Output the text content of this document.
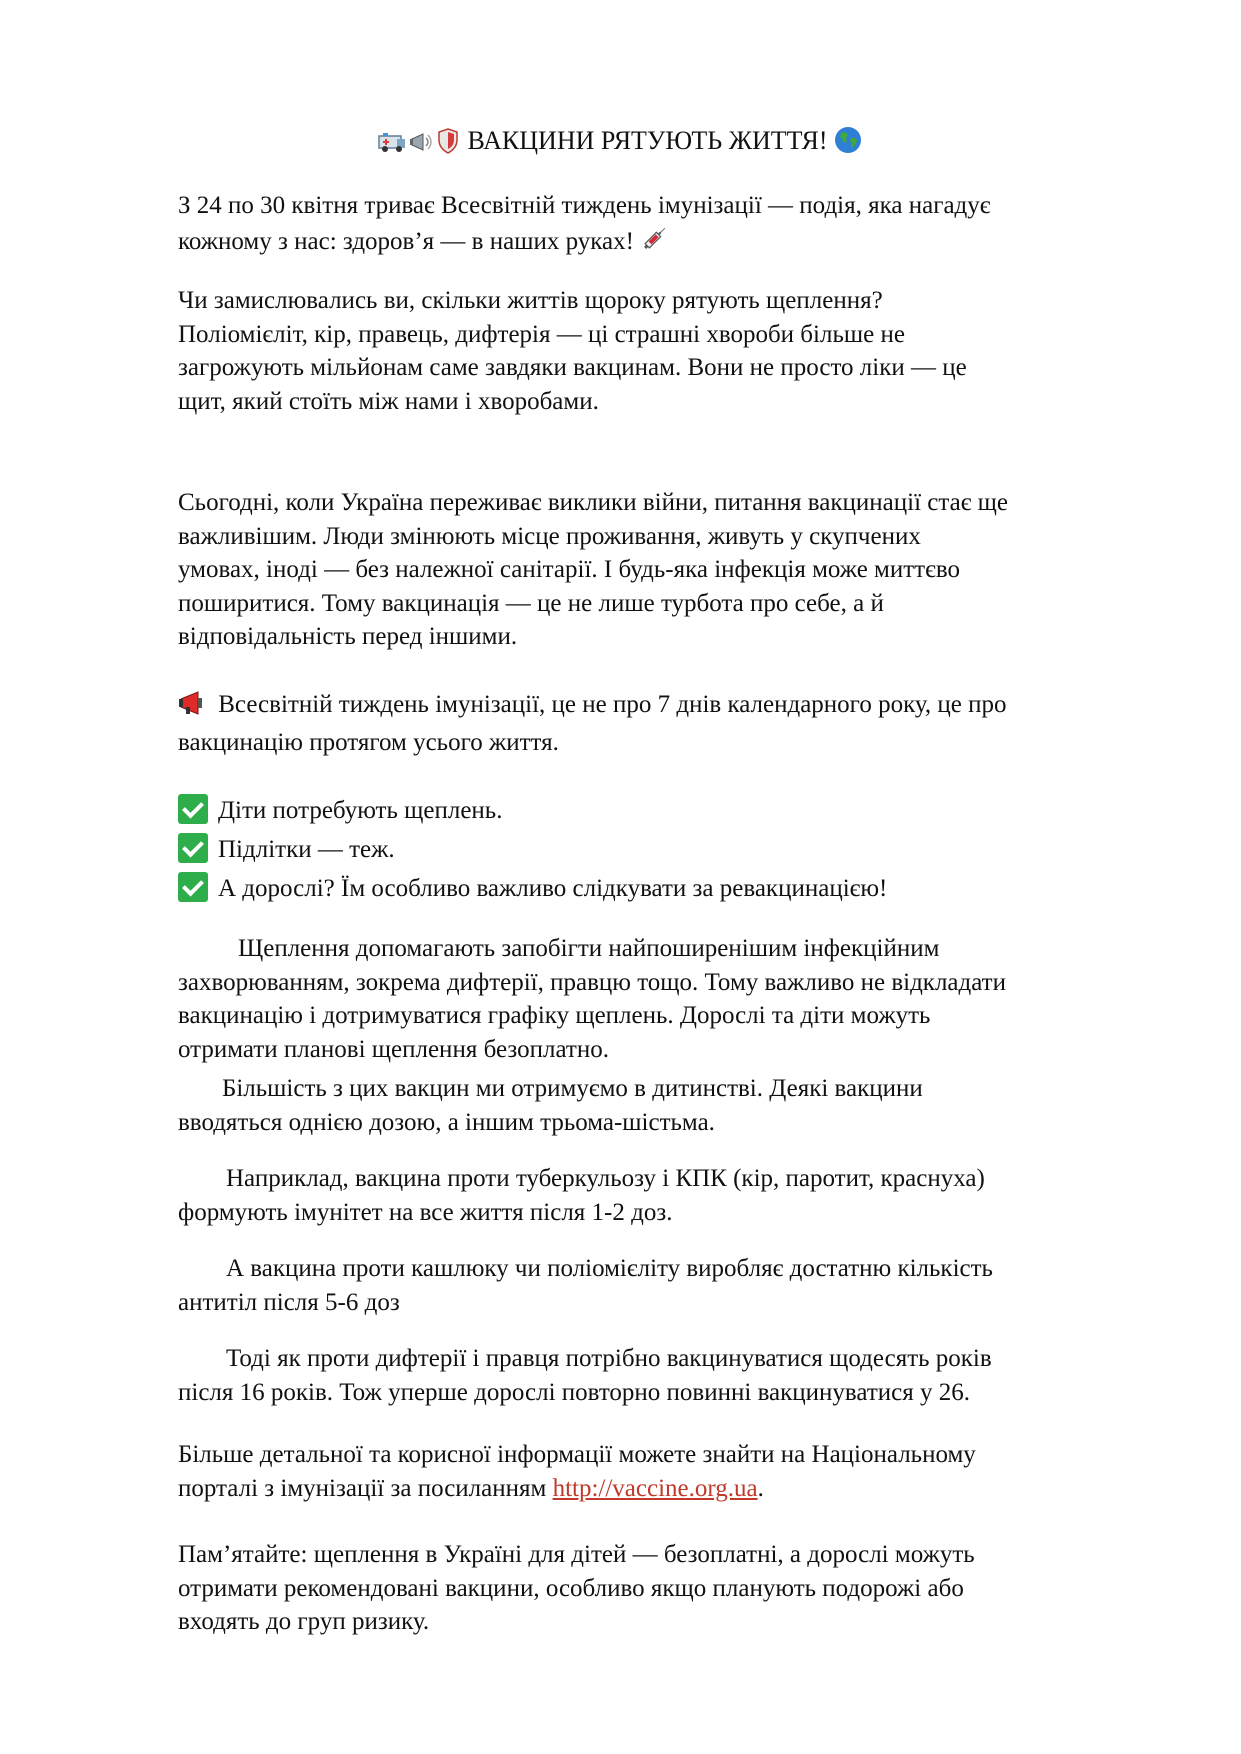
ВАКЦИНИ РЯТУЮТЬ ЖИТТЯ!
З 24 по 30 квітня триває Всесвітній тиждень імунізації — подія, яка нагадує
кожному з нас: здоров’я — в наших руках!
Чи замислювались ви, скільки життів щороку рятують щеплення?
Поліомієліт, кір, правець, дифтерія — ці страшні хвороби більше не
загрожують мільйонам саме завдяки вакцинам. Вони не просто ліки — це
щит, який стоїть між нами і хворобами.
Сьогодні, коли Україна переживає виклики війни, питання вакцинації стає ще
важливішим. Люди змінюють місце проживання, живуть у скупчених
умовах, іноді — без належної санітарії. І будь-яка інфекція може миттєво
поширитися. Тому вакцинація — це не лише турбота про себе, а й
відповідальність перед іншими.
Всесвітній тиждень імунізації, це не про 7 днів календарного року, це про
вакцинацію протягом усього життя.
Діти потребують щеплень.
Підлітки — теж.
А дорослі? Їм особливо важливо слідкувати за ревакцинацією!
Щеплення допомагають запобігти найпоширенішим інфекційним
захворюванням, зокрема дифтерії, правцю тощо. Тому важливо не відкладати
вакцинацію і дотримуватися графіку щеплень. Дорослі та діти можуть
отримати планові щеплення безоплатно.
Більшість з цих вакцин ми отримуємо в дитинстві. Деякі вакцини
вводяться однією дозою, а іншим трьома-шістьма.
Наприклад, вакцина проти туберкульозу і КПК (кір, паротит, краснуха)
формують імунітет на все життя після 1-2 доз.
А вакцина проти кашлюку чи поліомієліту виробляє достатню кількість
антитіл після 5-6 доз
Тоді як проти дифтерії і правця потрібно вакцинуватися щодесять років
після 16 років. Тож уперше дорослі повторно повинні вакцинуватися у 26.
Більше детальної та корисної інформації можете знайти на Національному
порталі з імунізації за посиланням http://vaccine.org.ua.
Пам’ятайте: щеплення в Україні для дітей — безоплатні, а дорослі можуть
отримати рекомендовані вакцини, особливо якщо планують подорожі або
входять до груп ризику.
